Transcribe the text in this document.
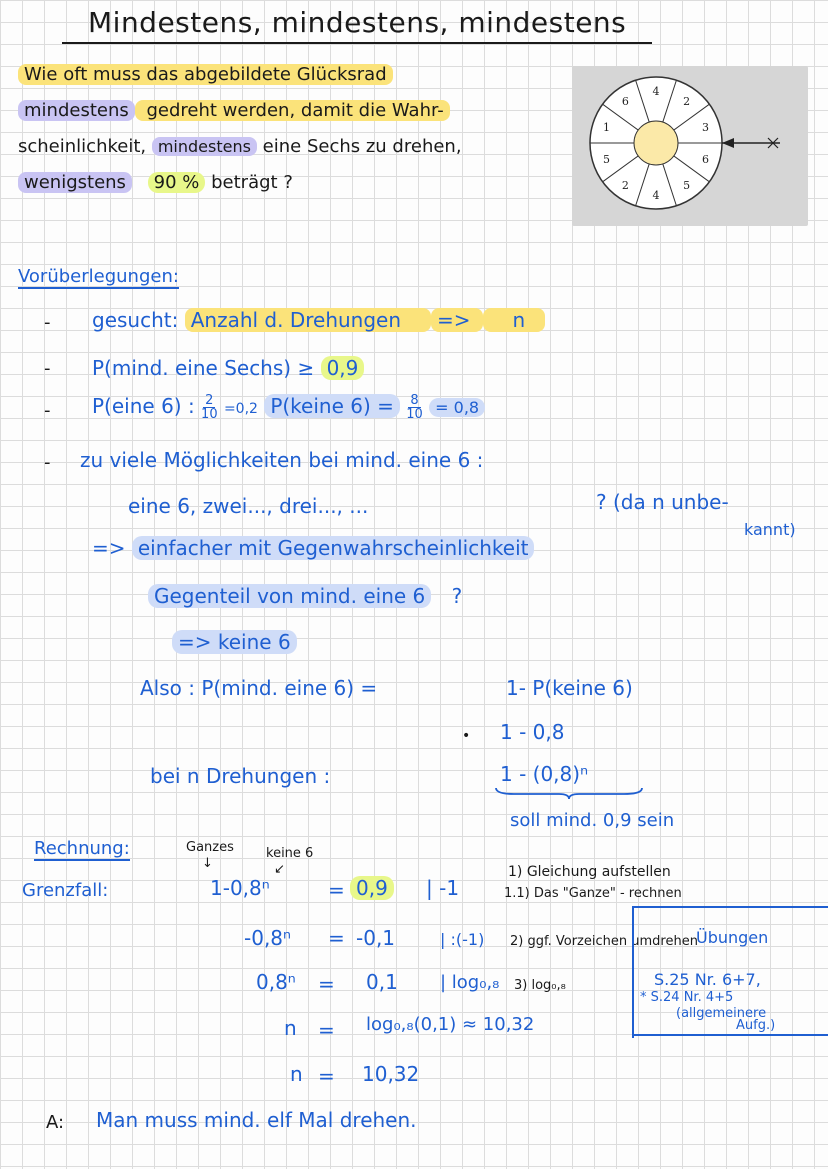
Mindestens, mindestens, mindestens
Wie oft muss das abgebildete Glücksrad
mindestens gedreht werden, damit die Wahr-
scheinlichkeit, mindestens eine Sechs zu drehen,
wenigstens 90 % beträgt ?
2
3
6
5
4
2
5
1
6
4
Vorüberlegungen:
- gesucht: Anzahl d. Drehungen => n
- P(mind. eine Sechs) ≥ 0,9
- P(eine 6) : $\frac{2}{10} =0,2$ P(keine $6) = \frac{8}{10} = 0,8$
- zu viele Möglichkeiten bei mind. eine 6 :
eine 6, zwei..., drei..., ...	? (da n unbe-
kannt)
=> einfacher mit Gegenwahrscheinlichkeit
Gegenteil von mind. eine 6 ?
=> keine 6
Also : P(mind. eine 6) =	1- P(keine 6)
• 1 - 0,8
bei n Drehungen :	1 - (0,8)ⁿ
soll mind. 0,9 sein
Rechnung:	Ganzes keine 6
↓	↙
Grenzfall:	1-0,8ⁿ	= 0,9	| -1
-0,8ⁿ = -0,1	| :(-1)
0,8ⁿ = 0,1 | log₀,₈
n = log₀,₈(0,1) ≈ 10,32
n = 10,32
1) Gleichung aufstellen
1.1) Das "Ganze" - rechnen
2) ggf. Vorzeichen umdrehen
3) log₀,₈
Übungen
S.25 Nr. 6+7,
* S.24 Nr. 4+5
(allgemeinere
Aufg.)
A: Man muss mind. elf Mal drehen.
